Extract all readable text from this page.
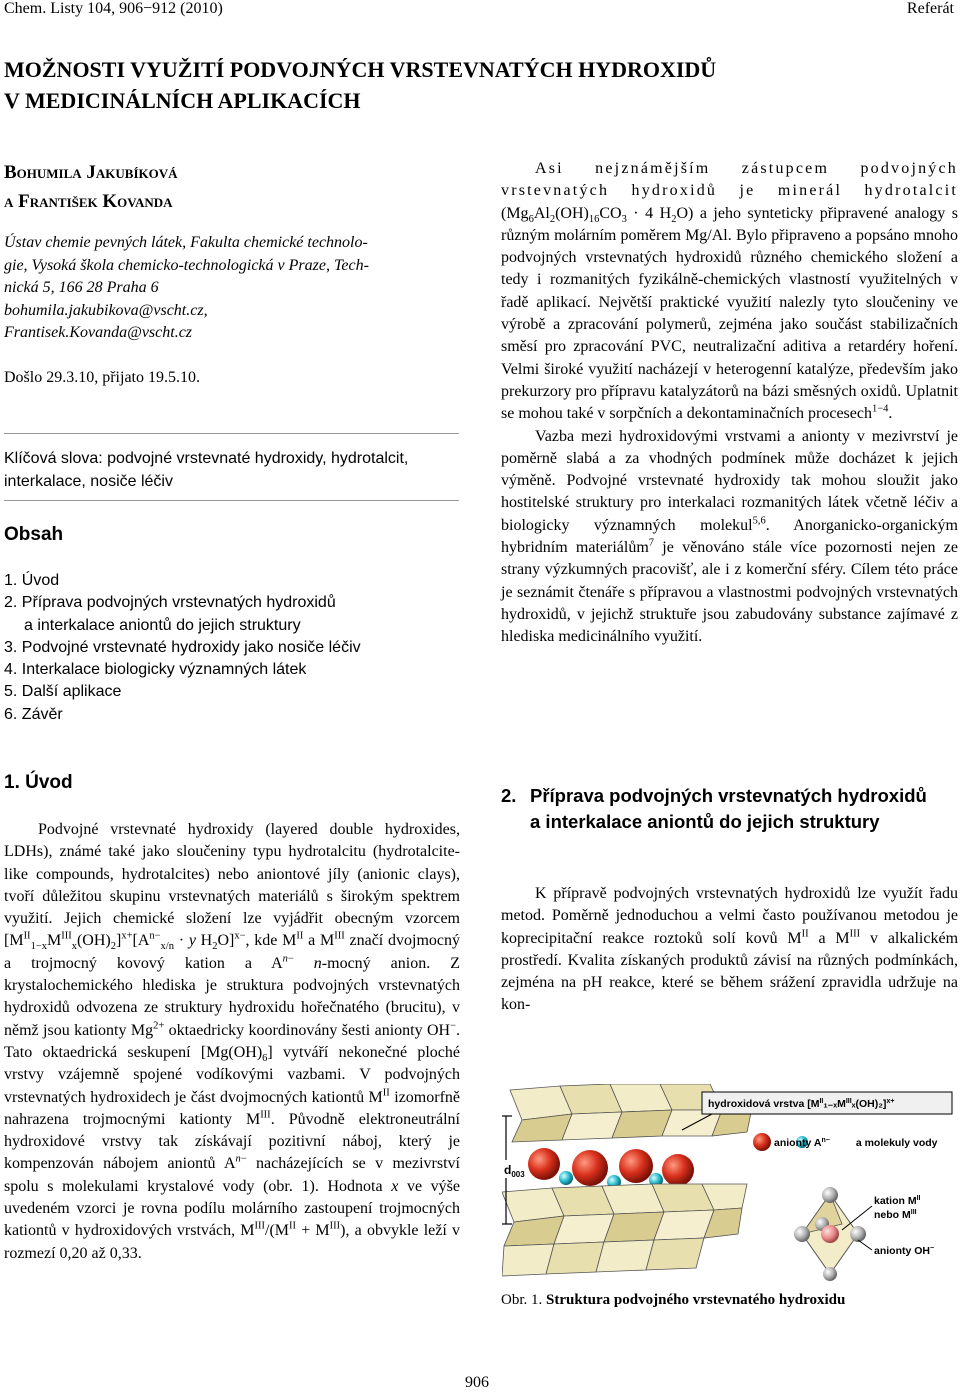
Chem. Listy 104, 906−912 (2010)	Referát
MOŽNOSTI VYUŽITÍ PODVOJNÝCH VRSTEVNATÝCH HYDROXIDŮ
V MEDICINÁLNÍCH APLIKACÍCH
Bohumila Jakubíková
a František Kovanda
Ústav chemie pevných látek, Fakulta chemické technolo-
gie, Vysoká škola chemicko-technologická v Praze, Tech-
nická 5, 166 28 Praha 6
bohumila.jakubikova@vscht.cz,
Frantisek.Kovanda@vscht.cz
Došlo 29.3.10, přijato 19.5.10.
Klíčová slova: podvojné vrstevnaté hydroxidy, hydrotalcit, interkalace, nosiče léčiv
Obsah
1. Úvod
2. Příprava podvojných vrstevnatých hydroxidů
a interkalace aniontů do jejich struktury
3. Podvojné vrstevnaté hydroxidy jako nosiče léčiv
4. Interkalace biologicky významných látek
5. Další aplikace
6. Závěr
1. Úvod

Podvojné vrstevnaté hydroxidy (layered double hydroxides, LDHs), známé také jako sloučeniny typu hydrotalcitu (hydrotalcite-like compounds, hydrotalcites) nebo aniontové jíly (anionic clays), tvoří důležitou skupinu vrstevnatých materiálů s širokým spektrem využití. Jejich chemické složení lze vyjádřit obecným vzorcem $[M^{II}_{1-x}M^{III}_x(OH)_2]^{x+}[A^{n-}_{x/n} \cdot y$ $H_2O]^{x-}$, kde $M^{II}$ a $M^{III}$ značí dvojmocný a trojmocný kovový kation a $A^{n-}$ n-mocný anion. Z krystalochemického hlediska je struktura podvojných vrstevnatých hydroxidů odvozena ze struktury hydroxidu hořečnatého (brucitu), v němž jsou kationty $Mg^{2+}$ oktaedricky koordinovány šesti anionty OH−. Tato oktaedrická seskupení $[Mg(OH)_6]$ vytváří nekonečné ploché vrstvy vzájemně spojené vodíkovými vazbami. V podvojných vrstevnatých hydroxidech je část dvojmocných kationtů $M^{II}$ izomorfně nahrazena trojmocnými kationty $M^{III}$. Původně elektroneutrální hydroxidové vrstvy tak získávají pozitivní náboj, který je kompenzován nábojem aniontů $A^{n-}$ nacházejících se v mezivrství spolu s molekulami krystalové vody (obr. 1). Hodnota x ve výše uvedeném vzorci je rovna podílu molárního zastoupení trojmocných kationtů v hydroxidových vrstvách, $M^{III}/(M^{II} + M^{III})$, a obvykle leží v rozmezí 0,20 až 0,33.

Asi nejznámějším zástupcem podvojných vrstevnatých hydroxidů je minerál hydrotalcit ($Mg_6Al_2(OH)_{16}CO_3 \cdot 4$ $H_2O$) a jeho synteticky připravené analogy s různým molárním poměrem Mg/Al. Bylo připraveno a popsáno mnoho podvojných vrstevnatých hydroxidů různého chemického složení a tedy i rozmanitých fyzikálně-chemických vlastností využitelných v řadě aplikací. Největší praktické využití nalezly tyto sloučeniny ve výrobě a zpracování polymerů, zejména jako součást stabilizačních směsí pro zpracování PVC, neutralizační aditiva a retardéry hoření. Velmi široké využití nacházejí v heterogenní katalýze, především jako prekurzory pro přípravu katalyzátorů na bázi směsných oxidů. Uplatnit se mohou také v sorpčních a dekontaminačních procesech$^{1-4}$.

Vazba mezi hydroxidovými vrstvami a anionty v mezivrství je poměrně slabá a za vhodných podmínek může docházet k jejich výměně. Podvojné vrstevnaté hydroxidy tak mohou sloužit jako hostitelské struktury pro interkalaci rozmanitých látek včetně léčiv a biologicky významných molekul$^{5,6}$. Anorganicko-organickým hybridním materiálům$^7$ je věnováno stále více pozornosti nejen ze strany výzkumných pracovišť, ale i z komerční sféry. Cílem této práce je seznámit čtenáře s přípravou a vlastnostmi podvojných vrstevnatých hydroxidů, v jejichž struktuře jsou zabudovány substance zajímavé z hlediska medicinálního využití.

2. Příprava podvojných vrstevnatých hydroxidů a interkalace aniontů do jejich struktury

K přípravě podvojných vrstevnatých hydroxidů lze využít řadu metod. Poměrně jednoduchou a velmi často používanou metodou je koprecipitační reakce roztoků solí kovů $M^{II}$ a $M^{III}$ v alkalickém prostředí. Kvalita získaných produktů závisí na různých podmínkách, zejména na pH reakce, které se během srážení zpravidla udržuje na kon-

$d_{003}$
hydroxidová vrstva $[M^{II}_{1-x}M^{III}_x(OH)_2]^{x+}$
anionty $A^{n-}$ a molekuly vody
kation $M^{II}$
nebo $M^{III}$
anionty OH−
Obr. 1. Struktura podvojného vrstevnatého hydroxidu
906
